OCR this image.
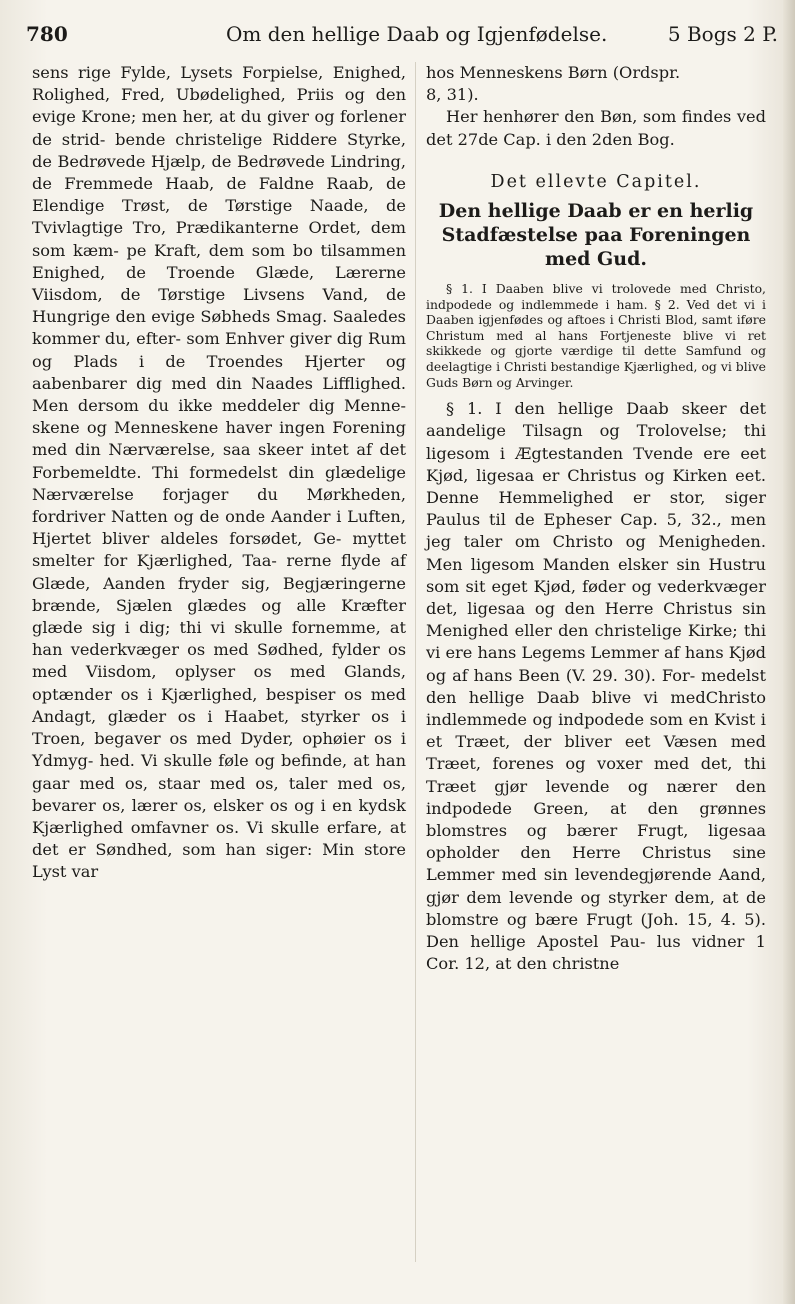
780	Om den hellige Daab og Igjenfødelse.	5 Bogs 2 P.

sens rige Fylde, Lysets Forpielse, Enighed, Rolighed, Fred, Ubødelighed, Priis og den evige Krone; men her, at du giver og forlener de strid- bende christelige Riddere Styrke, de Bedrøvede Hjælp, de Bedrøvede Lindring, de Fremmede Haab, de Faldne Raab, de Elendige Trøst, de Tørstige Naade, de Tvivlagtige Tro, Prædikanterne Ordet, dem som kæm- pe Kraft, dem som bo tilsammen Enighed, de Troende Glæde, Lærerne Viisdom, de Tørstige Livsens Vand, de Hungrige den evige Søbheds Smag. Saaledes kommer du, efter- som Enhver giver dig Rum og Plads i de Troendes Hjerter og aabenbarer dig med din Naades Lifflighed. Men dersom du ikke meddeler dig Menne- skene og Menneskene haver ingen Forening med din Nærværelse, saa skeer intet af det Forbemeldte. Thi formedelst din glædelige Nærværelse forjager du Mørkheden, fordriver Natten og de onde Aander i Luften, Hjertet bliver aldeles forsødet, Ge- myttet smelter for Kjærlighed, Taa- rerne flyde af Glæde, Aanden fryder sig, Begjæringerne brænde, Sjælen glædes og alle Kræfter glæde sig i dig; thi vi skulle fornemme, at han vederkvæger os med Sødhed, fylder os med Viisdom, oplyser os med Glands, optænder os i Kjærlighed, bespiser os med Andagt, glæder os i Haabet, styrker os i Troen, begaver os med Dyder, ophøier os i Ydmyg- hed. Vi skulle føle og befinde, at han gaar med os, staar med os, taler med os, bevarer os, lærer os, elsker os og i en kydsk Kjærlighed omfavner os. Vi skulle erfare, at det er Søndhed, som han siger: Min store Lyst var

hos Menneskens Børn (Ordspr.
8, 31).

Her henhører den Bøn, som findes ved det 27de Cap. i den 2den Bog.

Det ellevte Capitel.
Den hellige Daab er en herlig Stadfæstelse paa Foreningen med Gud.

§ 1. I Daaben blive vi trolovede med Christo, indpodede og indlemmede i ham. § 2. Ved det vi i Daaben igjenfødes og aftoes i Christi Blod, samt iføre Christum med al hans Fortjeneste blive vi ret skikkede og gjorte værdige til dette Samfund og deelagtige i Christi bestandige Kjærlighed, og vi blive Guds Børn og Arvinger.

§ 1. I den hellige Daab skeer det aandelige Tilsagn og Trolovelse; thi ligesom i Ægtestanden Tvende ere eet Kjød, ligesaa er Christus og Kirken eet. Denne Hemmelighed er stor, siger Paulus til de Epheser Cap. 5, 32., men jeg taler om Christo og Menigheden. Men ligesom Manden elsker sin Hustru som sit eget Kjød, føder og vederkvæger det, ligesaa og den Herre Christus sin Menighed eller den christelige Kirke; thi vi ere hans Legems Lemmer af hans Kjød og af hans Been (V. 29. 30). For- medelst den hellige Daab blive vi medChristo indlemmede og indpodede som en Kvist i et Træet, der bliver eet Væsen med Træet, forenes og voxer med det, thi Træet gjør levende og nærer den indpodede Green, at den grønnes blomstres og bærer Frugt, ligesaa opholder den Herre Christus sine Lemmer med sin levendegjørende Aand, gjør dem levende og styrker dem, at de blomstre og bære Frugt (Joh. 15, 4. 5). Den hellige Apostel Pau- lus vidner 1 Cor. 12, at den christne
